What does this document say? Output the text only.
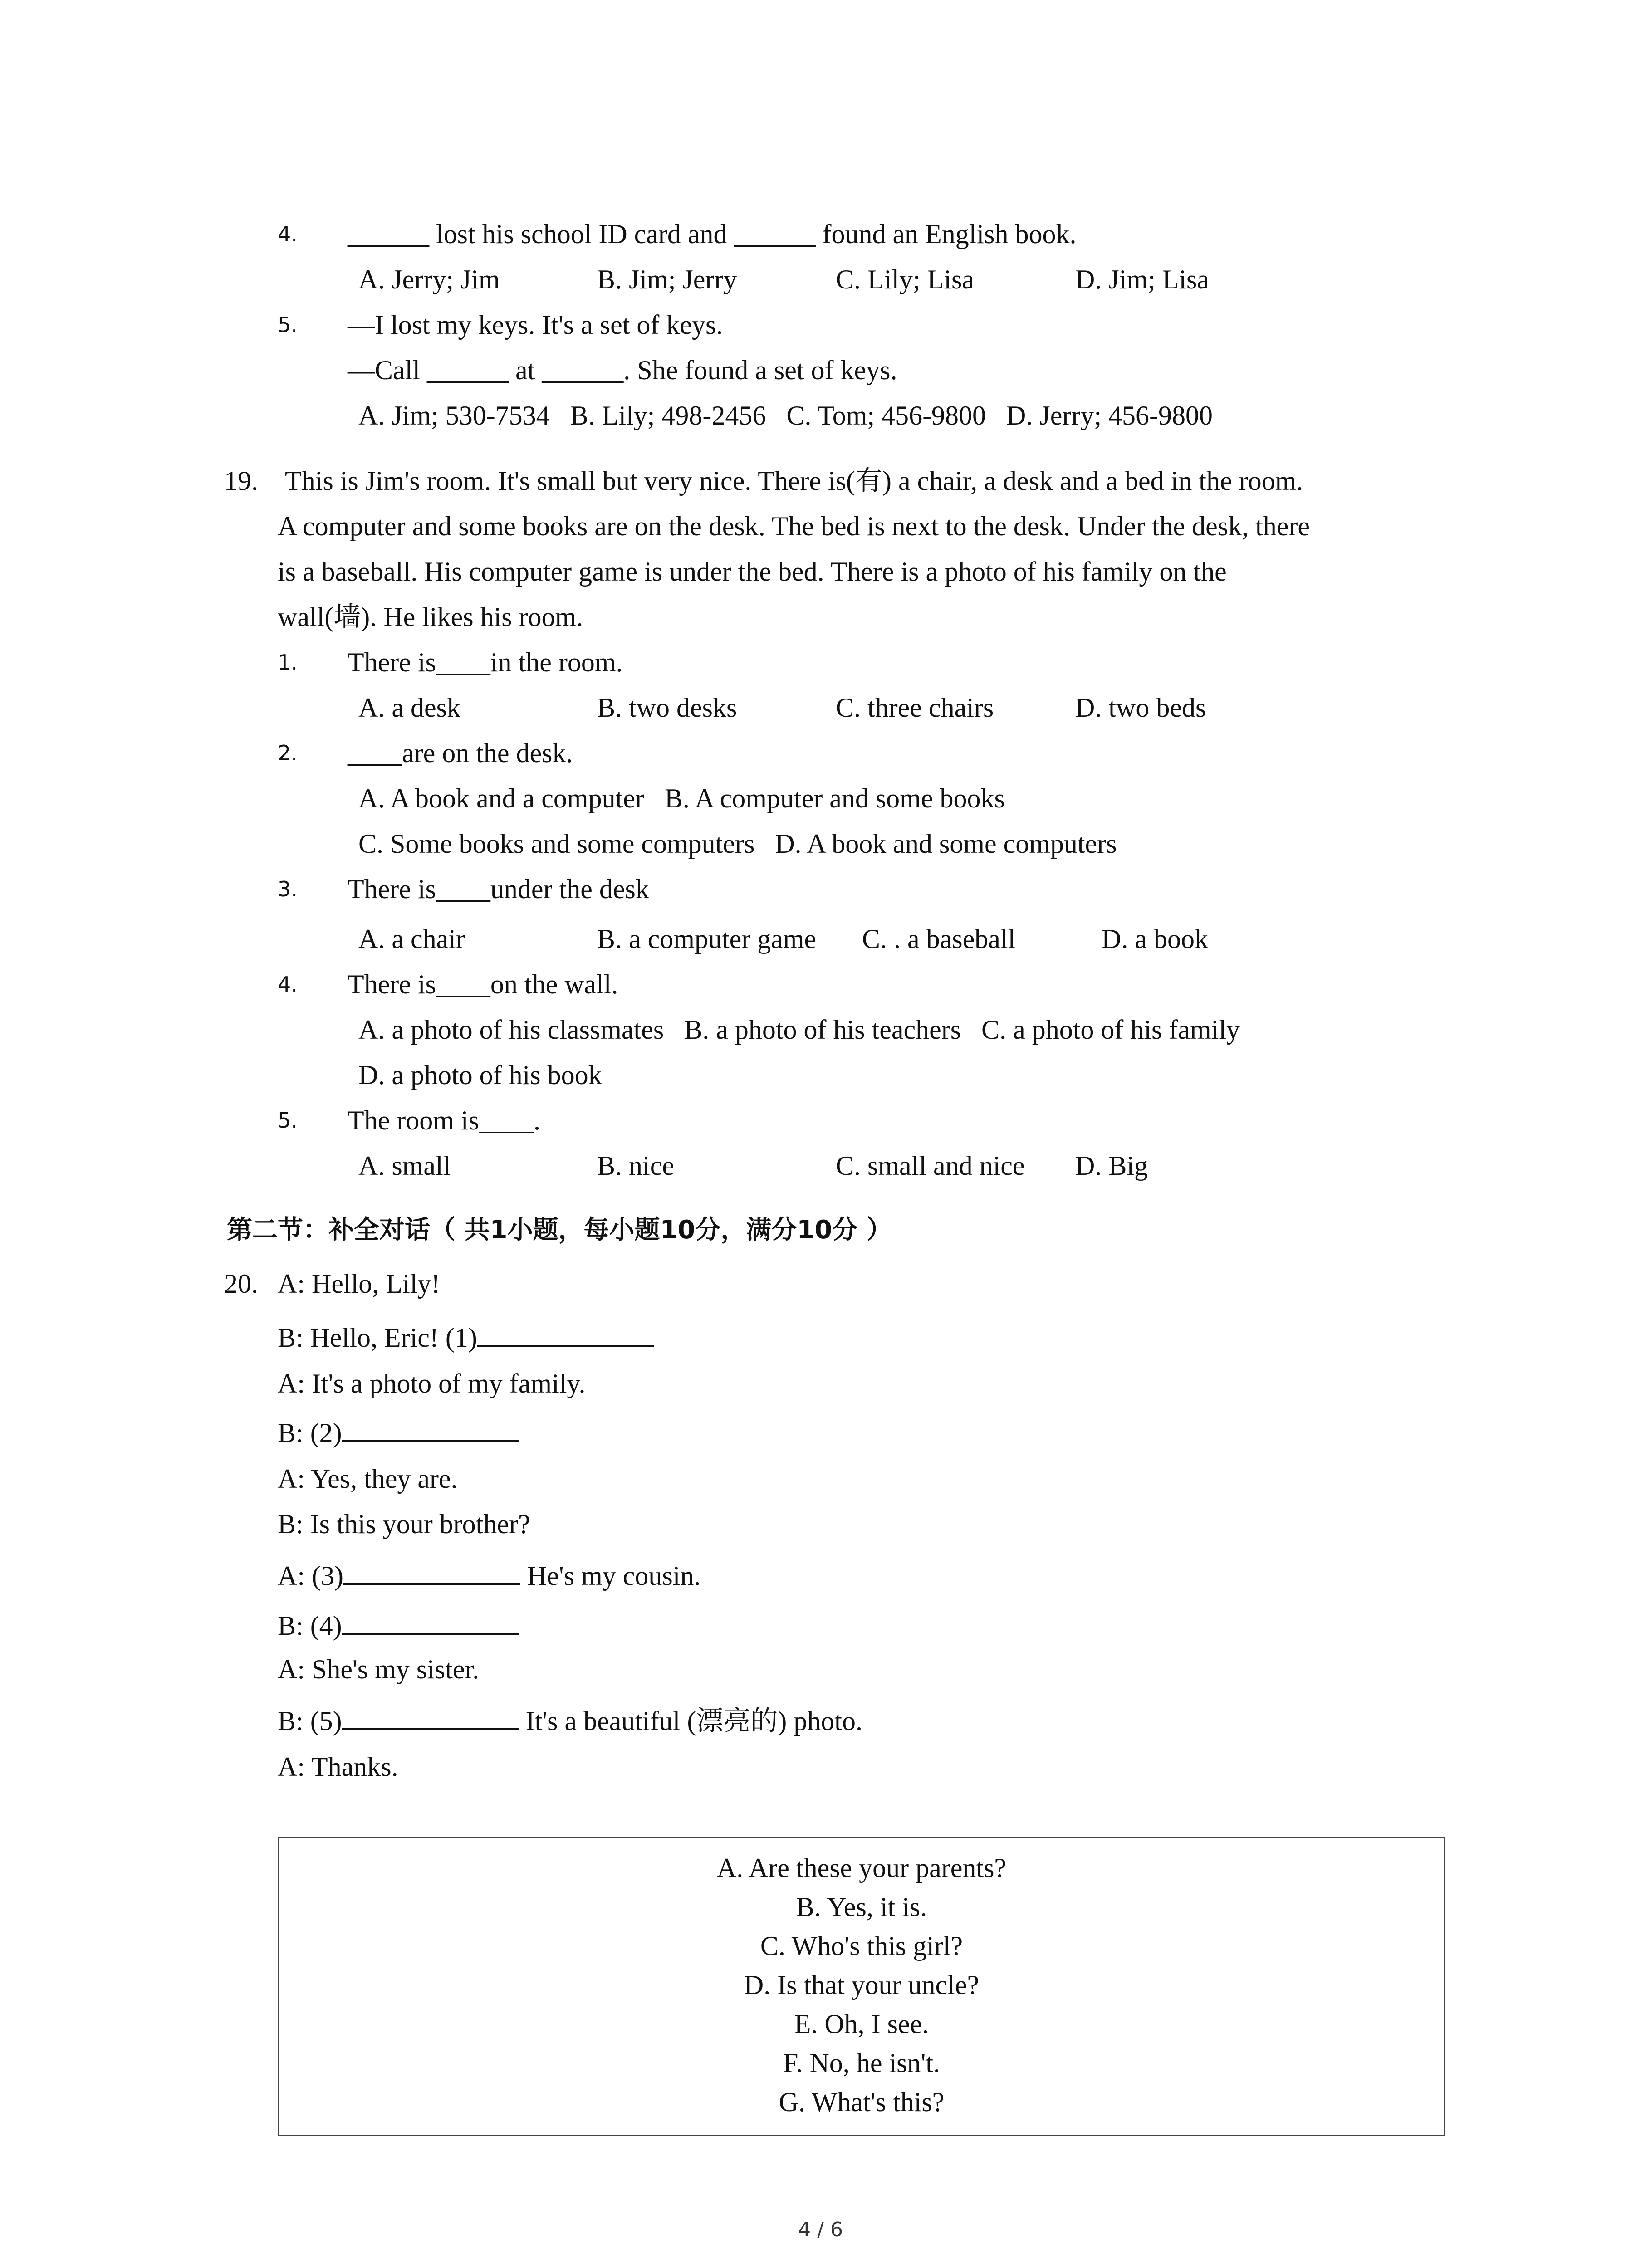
4. ______ lost his school ID card and ______ found an English book.
A. Jerry; Jim	B. Jim; Jerry	C. Lily; Lisa	D. Jim; Lisa
5. —I lost my keys. It's a set of keys.
—Call ______ at ______. She found a set of keys.
A. Jim; 530-7534   B. Lily; 498-2456   C. Tom; 456-9800   D. Jerry; 456-9800
19. This is Jim's room. It's small but very nice. There is(有) a chair, a desk and a bed in the room.
A computer and some books are on the desk. The bed is next to the desk. Under the desk, there
is a baseball. His computer game is under the bed. There is a photo of his family on the
wall(墙). He likes his room.
1. There is____in the room.
A. a desk	B. two desks	C. three chairs	D. two beds
2. ____are on the desk.
A. A book and a computer   B. A computer and some books
C. Some books and some computers   D. A book and some computers
3. There is____under the desk
A. a chair	B. a computer game C. . a baseball	D. a book
4. There is____on the wall.
A. a photo of his classmates   B. a photo of his teachers   C. a photo of his family
D. a photo of his book
5. The room is____.
A. small	B. nice	C. small and nice D. Big
第二节：补全对话（ 共1小题，每小题10分，满分10分 ）
20. A: Hello, Lily!
B: Hello, Eric! (1)
A: It's a photo of my family.
B: (2)
A: Yes, they are.
B: Is this your brother?
A: (3)	He's my cousin.
B: (4)
A: She's my sister.
B: (5)	It's a beautiful (漂亮的) photo.
A: Thanks.
A. Are these your parents?
B. Yes, it is.
C. Who's this girl?
D. Is that your uncle?
E. Oh, I see.
F. No, he isn't.
G. What's this?
4 / 6
